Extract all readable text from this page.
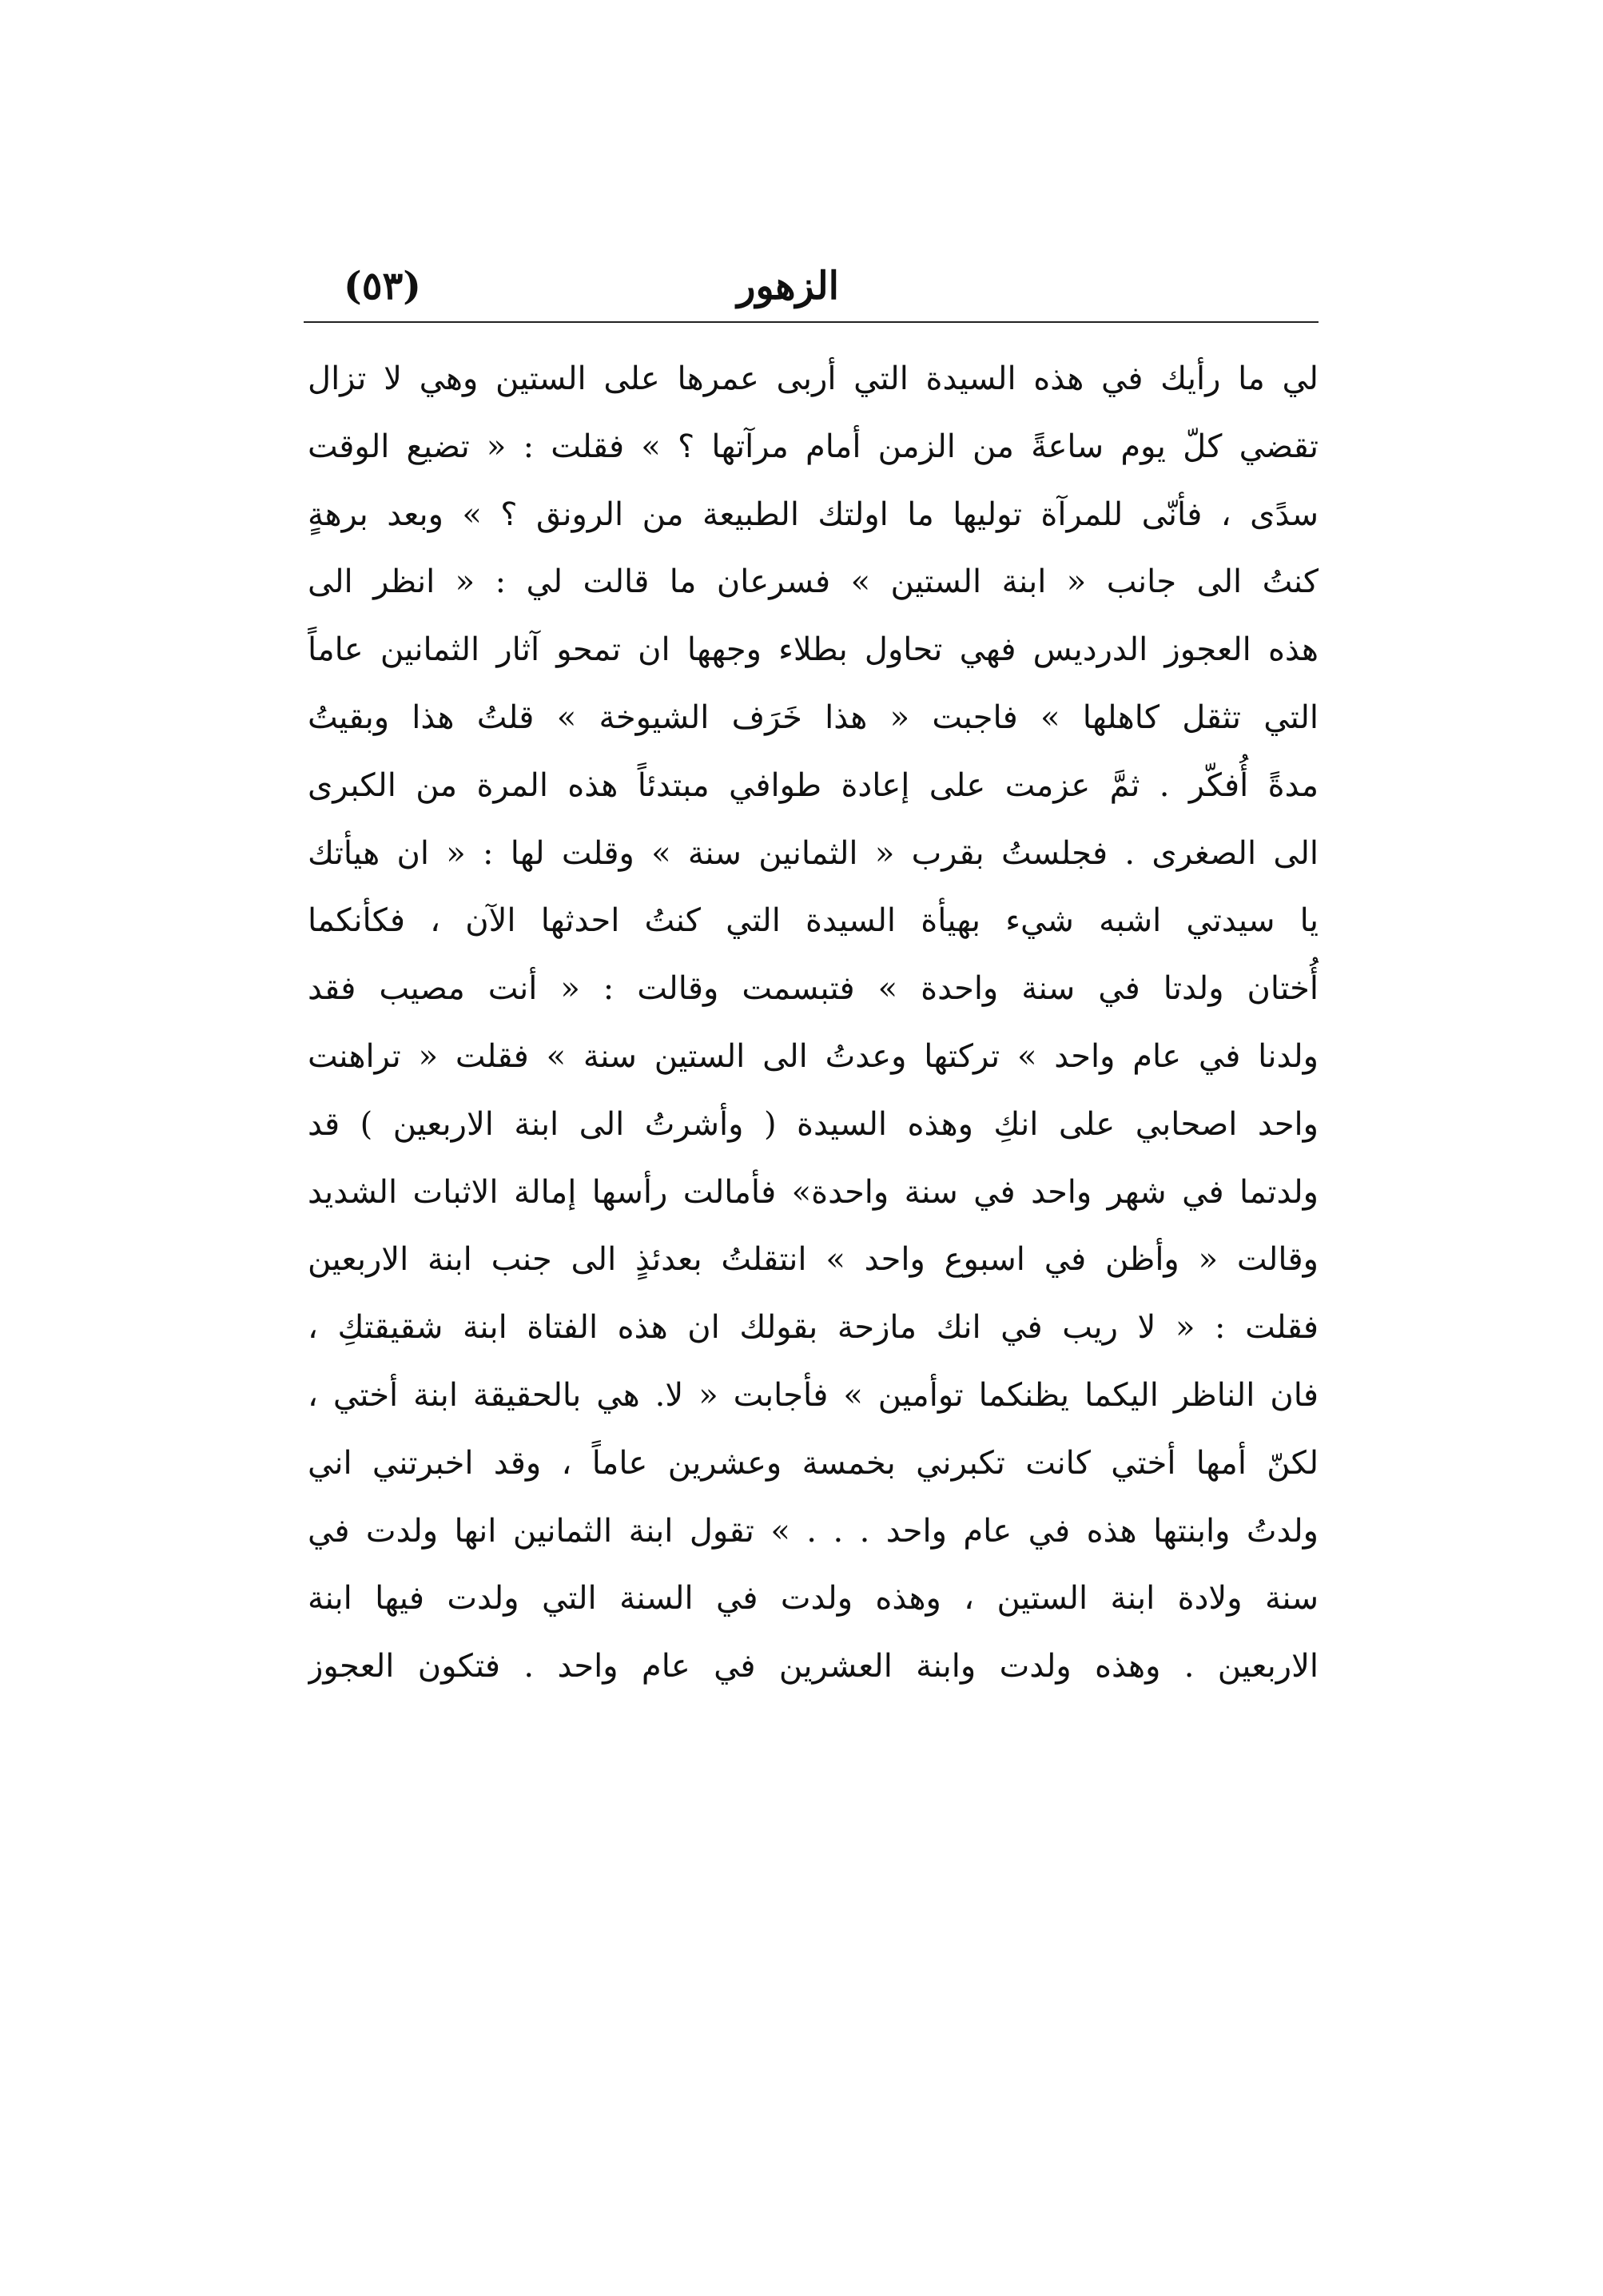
الزهور
(٥٣)
لي ما رأيك في هذه السيدة التي أربى عمرها على الستين وهي لا تزال
تقضي كلّ يوم ساعةً من الزمن أمام مرآتها ؟ » فقلت : « تضيع الوقت
سدًى ، فأنّى للمرآة توليها ما اولتك الطبيعة من الرونق ؟ » وبعد برهةٍ
كنتُ الى جانب « ابنة الستين » فسرعان ما قالت لي : « انظر الى
هذه العجوز الدرديس فهي تحاول بطلاء وجهها ان تمحو آثار الثمانين عاماً
التي تثقل كاهلها » فاجبت « هذا خَرَف الشيوخة » قلتُ هذا وبقيتُ
مدةً أُفكّر . ثمَّ عزمت على إعادة طوافي مبتدئاً هذه المرة من الكبرى
الى الصغرى . فجلستُ بقرب « الثمانين سنة » وقلت لها : « ان هيأتك
يا سيدتي اشبه شيء بهيأة السيدة التي كنتُ احدثها الآن ، فكأنكما
أُختان ولدتا في سنة واحدة » فتبسمت وقالت : « أنت مصيب فقد
ولدنا في عام واحد » تركتها وعدتُ الى الستين سنة » فقلت « تراهنت
واحد اصحابي على انكِ وهذه السيدة ( وأشرتُ الى ابنة الاربعين ) قد
ولدتما في شهر واحد في سنة واحدة» فأمالت رأسها إمالة الاثبات الشديد
وقالت « وأظن في اسبوع واحد » انتقلتُ بعدئذٍ الى جنب ابنة الاربعين
فقلت : « لا ريب في انك مازحة بقولك ان هذه الفتاة ابنة شقيقتكِ ،
فان الناظر اليكما يظنكما توأمين » فأجابت « لا. هي بالحقيقة ابنة أختي ،
لكنّ أمها أختي كانت تكبرني بخمسة وعشرين عاماً ، وقد اخبرتني اني
ولدتُ وابنتها هذه في عام واحد . . . » تقول ابنة الثمانين انها ولدت في
سنة ولادة ابنة الستين ، وهذه ولدت في السنة التي ولدت فيها ابنة
الاربعين . وهذه ولدت وابنة العشرين في عام واحد . فتكون العجوز
